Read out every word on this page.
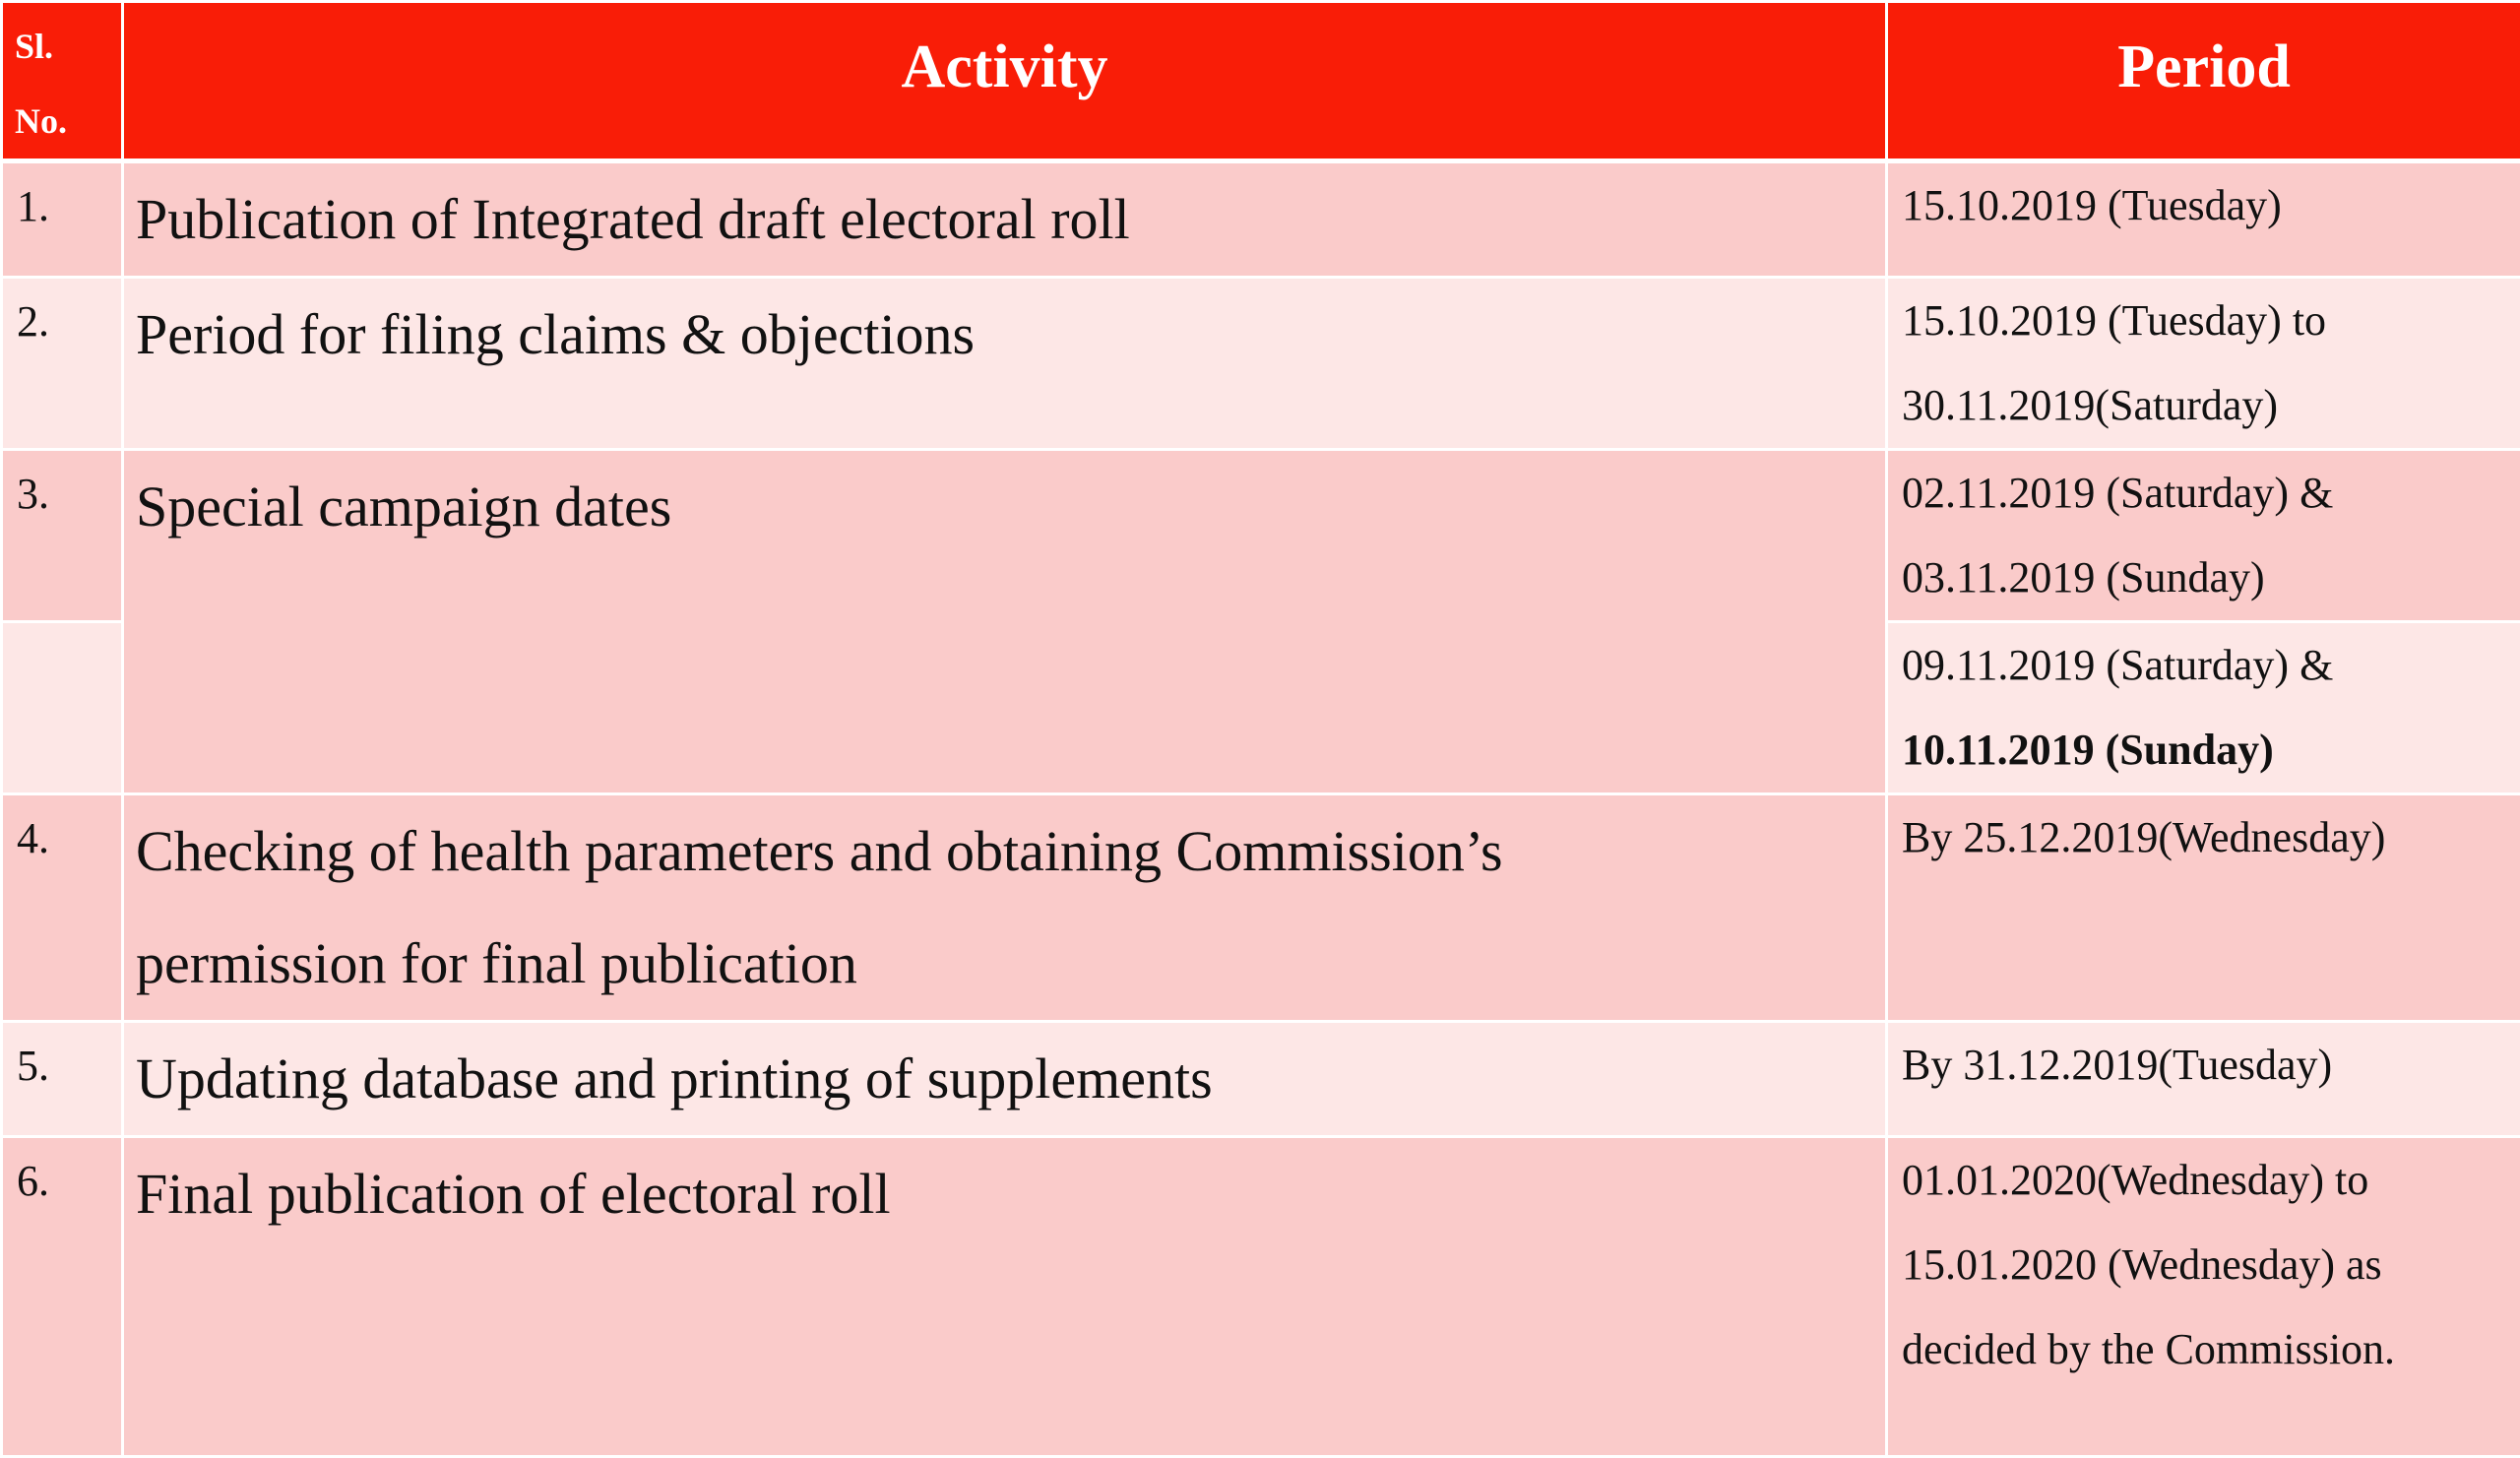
Sl.
No.	Activity	Period
1.	Publication of Integrated draft electoral roll	15.10.2019 (Tuesday)

2.	Period for filing claims & objections	15.10.2019 (Tuesday) to
30.11.2019(Saturday)

3.	Special campaign dates	02.11.2019 (Saturday) &
03.11.2019 (Sunday)

		09.11.2019 (Saturday) &
10.11.2019 (Sunday)

4.	Checking of health parameters and obtaining Commission’s
permission for final publication	By 25.12.2019(Wednesday)

5.	Updating database and printing of supplements	By 31.12.2019(Tuesday)

6.	Final publication of electoral roll	01.01.2020(Wednesday) to
15.01.2020 (Wednesday) as
decided by the Commission.
